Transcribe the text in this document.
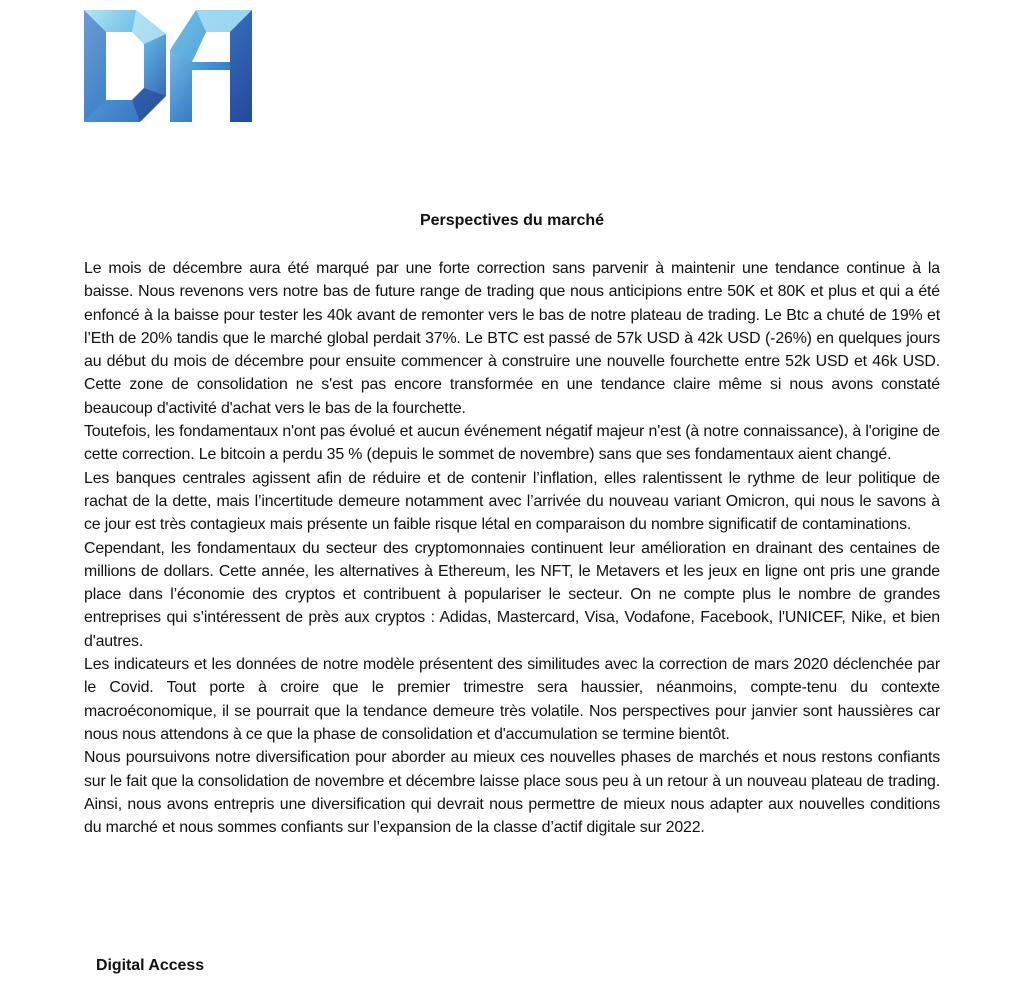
Perspectives du marché

Le mois de décembre aura été marqué par une forte correction sans parvenir à maintenir une tendance continue à la baisse. Nous revenons vers notre bas de future range de trading que nous anticipions entre 50K et 80K et plus et qui a été enfoncé à la baisse pour tester les 40k avant de remonter vers le bas de notre plateau de trading. Le Btc a chuté de 19% et l’Eth de 20% tandis que le marché global perdait 37%. Le BTC est passé de 57k USD à 42k USD (-26%) en quelques jours au début du mois de décembre pour ensuite commencer à construire une nouvelle fourchette entre 52k USD et 46k USD. Cette zone de consolidation ne s'est pas encore transformée en une tendance claire même si nous avons constaté beaucoup d'activité d'achat vers le bas de la fourchette.

Toutefois, les fondamentaux n'ont pas évolué et aucun événement négatif majeur n'est (à notre connaissance), à l'origine de cette correction. Le bitcoin a perdu 35 % (depuis le sommet de novembre) sans que ses fondamentaux aient changé.

Les banques centrales agissent afin de réduire et de contenir l’inflation, elles ralentissent le rythme de leur politique de rachat de la dette, mais l’incertitude demeure notamment avec l’arrivée du nouveau variant Omicron, qui nous le savons à ce jour est très contagieux mais présente un faible risque létal en comparaison du nombre significatif de contaminations.

Cependant, les fondamentaux du secteur des cryptomonnaies continuent leur amélioration en drainant des centaines de millions de dollars. Cette année, les alternatives à Ethereum, les NFT, le Metavers et les jeux en ligne ont pris une grande place dans l’économie des cryptos et contribuent à populariser le secteur. On ne compte plus le nombre de grandes entreprises qui s’intéressent de près aux cryptos : Adidas, Mastercard, Visa, Vodafone, Facebook, l'UNICEF, Nike, et bien d'autres.

Les indicateurs et les données de notre modèle présentent des similitudes avec la correction de mars 2020 déclenchée par le Covid. Tout porte à croire que le premier trimestre sera haussier, néanmoins, compte-tenu du contexte macroéconomique, il se pourrait que la tendance demeure très volatile. Nos perspectives pour janvier sont haussières car nous nous attendons à ce que la phase de consolidation et d'accumulation se termine bientôt.

Nous poursuivons notre diversification pour aborder au mieux ces nouvelles phases de marchés et nous restons confiants sur le fait que la consolidation de novembre et décembre laisse place sous peu à un retour à un nouveau plateau de trading. Ainsi, nous avons entrepris une diversification qui devrait nous permettre de mieux nous adapter aux nouvelles conditions du marché et nous sommes confiants sur l’expansion de la classe d’actif digitale sur 2022.

Digital Access
